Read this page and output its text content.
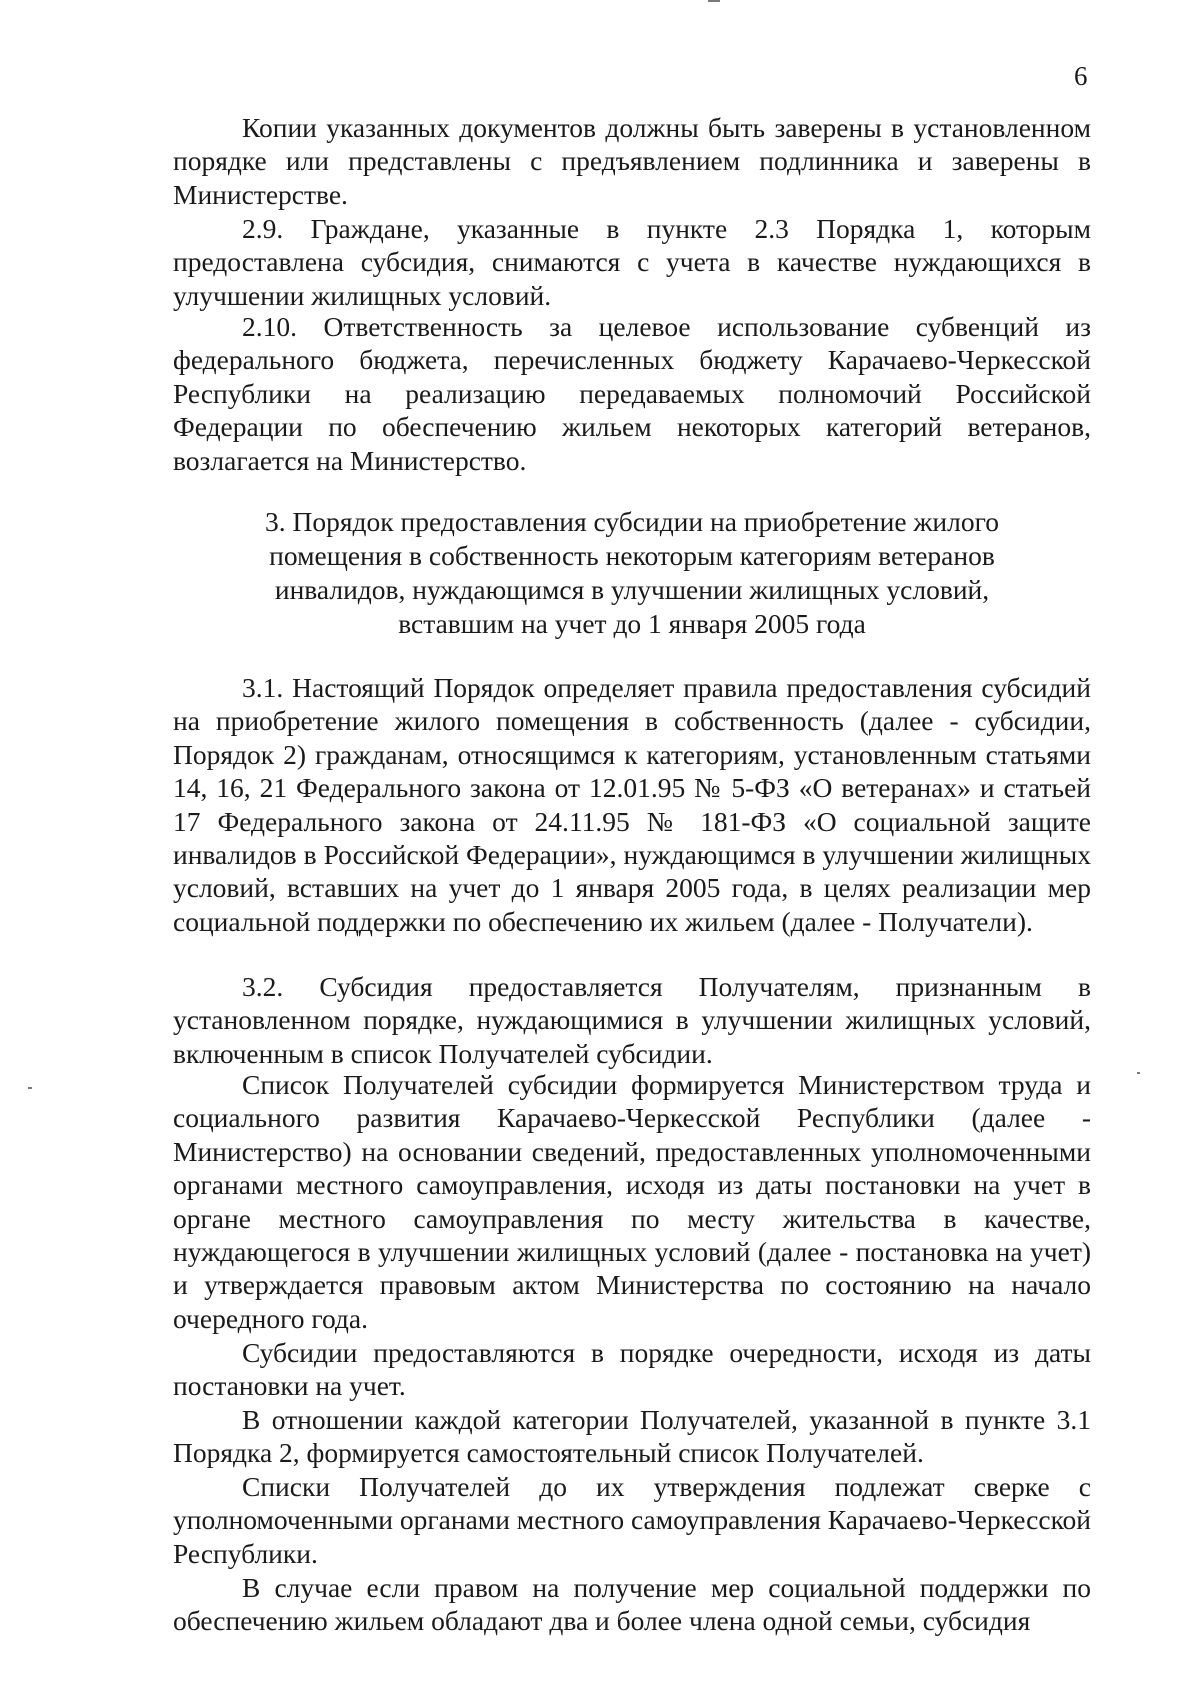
6

Копии указанных документов должны быть заверены в установленном порядке или представлены с предъявлением подлинника и заверены в Министерстве.

2.9. Граждане, указанные в пункте 2.3 Порядка 1, которым предоставлена субсидия, снимаются с учета в качестве нуждающихся в улучшении жилищных условий.

2.10. Ответственность за целевое использование субвенций из федерального бюджета, перечисленных бюджету Карачаево-Черкесской Республики на реализацию передаваемых полномочий Российской Федерации по обеспечению жильем некоторых категорий ветеранов, возлагается на Министерство.

3. Порядок предоставления субсидии на приобретение жилого
помещения в собственность некоторым категориям ветеранов
инвалидов, нуждающимся в улучшении жилищных условий,
вставшим на учет до 1 января 2005 года

3.1. Настоящий Порядок определяет правила предоставления субсидий на приобретение жилого помещения в собственность (далее - субсидии, Порядок 2) гражданам, относящимся к категориям, установленным статьями 14, 16, 21 Федерального закона от 12.01.95 № 5-ФЗ «О ветеранах» и статьей 17 Федерального закона от 24.11.95 № 181-ФЗ «О социальной защите инвалидов в Российской Федерации», нуждающимся в улучшении жилищных условий, вставших на учет до 1 января 2005 года, в целях реализации мер социальной поддержки по обеспечению их жильем (далее - Получатели).

3.2. Субсидия предоставляется Получателям, признанным в установленном порядке, нуждающимися в улучшении жилищных условий, включенным в список Получателей субсидии.

Список Получателей субсидии формируется Министерством труда и социального развития Карачаево-Черкесской Республики (далее - Министерство) на основании сведений, предоставленных уполномоченными органами местного самоуправления, исходя из даты постановки на учет в органе местного самоуправления по месту жительства в качестве, нуждающегося в улучшении жилищных условий (далее - постановка на учет) и утверждается правовым актом Министерства по состоянию на начало очередного года.

Субсидии предоставляются в порядке очередности, исходя из даты постановки на учет.

В отношении каждой категории Получателей, указанной в пункте 3.1 Порядка 2, формируется самостоятельный список Получателей.

Списки Получателей до их утверждения подлежат сверке с уполномоченными органами местного самоуправления Карачаево-Черкесской Республики.

В случае если правом на получение мер социальной поддержки по обеспечению жильем обладают два и более члена одной семьи, субсидия
